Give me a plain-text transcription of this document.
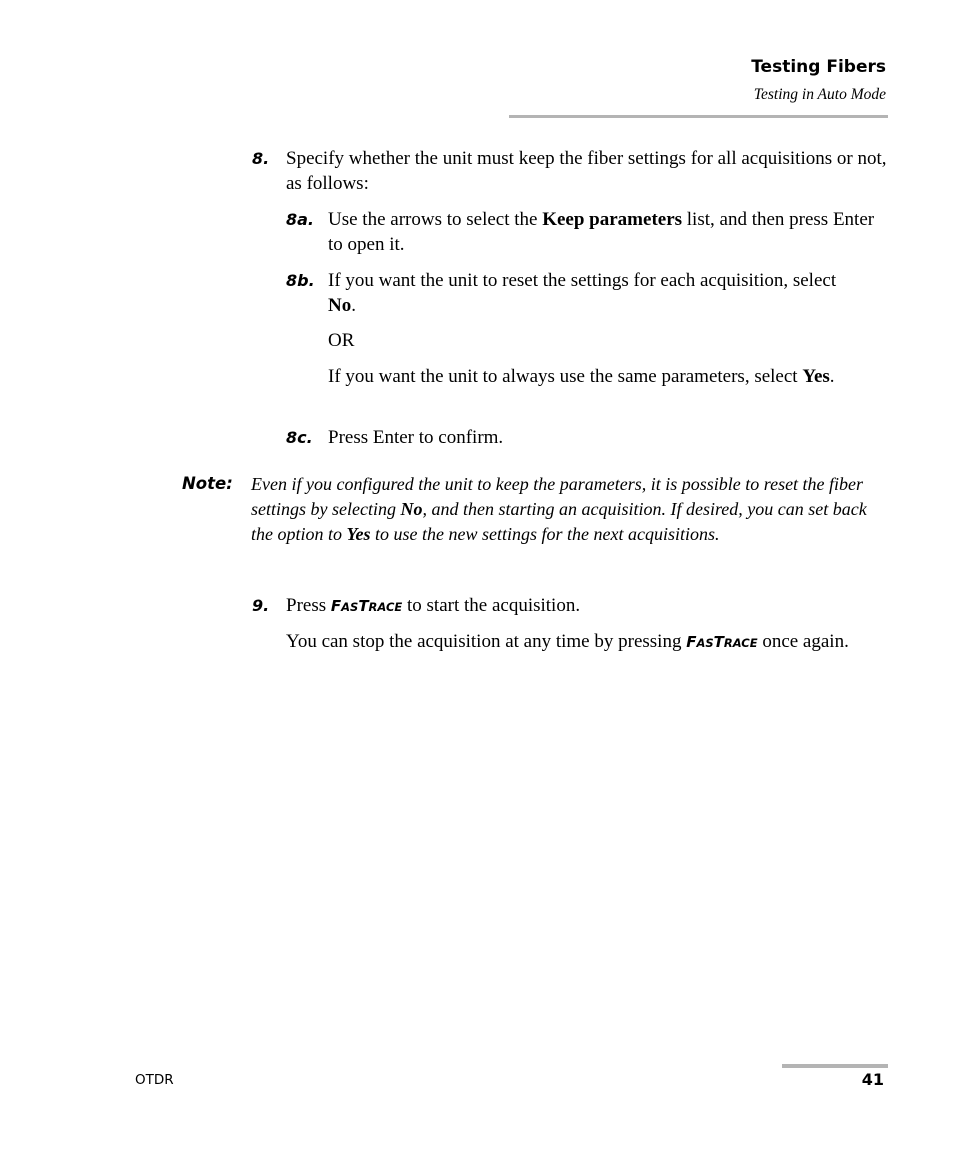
Testing Fibers
Testing in Auto Mode
8. Specify whether the unit must keep the fiber settings for all acquisitions or not, as follows:
8a. Use the arrows to select the Keep parameters list, and then press Enter to open it.
8b. If you want the unit to reset the settings for each acquisition, select No.
OR
If you want the unit to always use the same parameters, select Yes.
8c. Press Enter to confirm.
Note: Even if you configured the unit to keep the parameters, it is possible to reset the fiber settings by selecting No, and then starting an acquisition. If desired, you can set back the option to Yes to use the new settings for the next acquisitions.
9. Press FASTRACE to start the acquisition.
You can stop the acquisition at any time by pressing FASTRACE once again.
OTDR	41
